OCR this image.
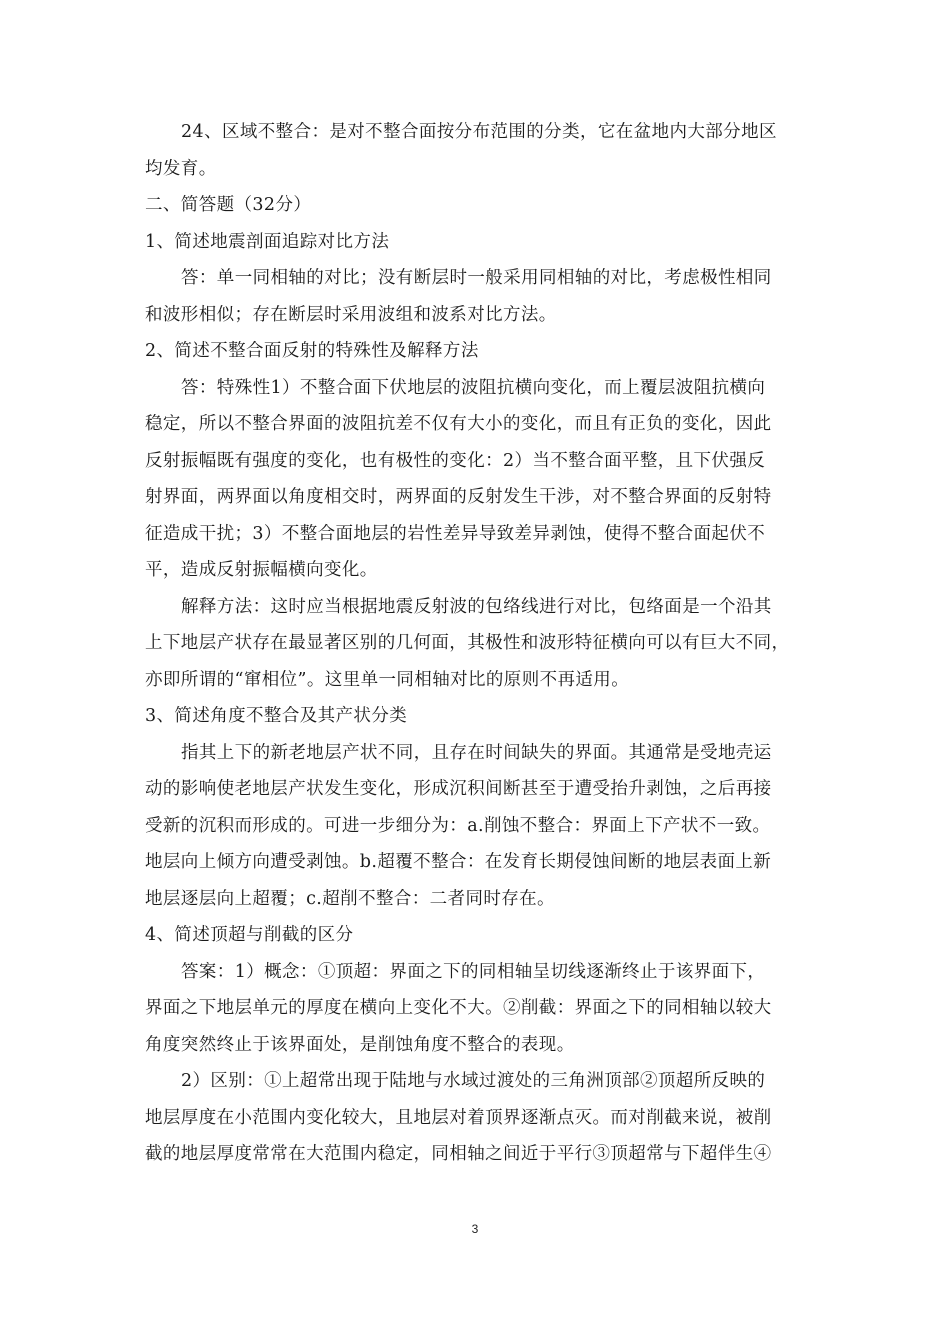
24、区域不整合：是对不整合面按分布范围的分类，它在盆地内大部分地区
均发育。
二、简答题（32分）
1、简述地震剖面追踪对比方法
答：单一同相轴的对比；没有断层时一般采用同相轴的对比，考虑极性相同
和波形相似；存在断层时采用波组和波系对比方法。
2、简述不整合面反射的特殊性及解释方法
答：特殊性1）不整合面下伏地层的波阻抗横向变化，而上覆层波阻抗横向
稳定，所以不整合界面的波阻抗差不仅有大小的变化，而且有正负的变化，因此
反射振幅既有强度的变化，也有极性的变化：2）当不整合面平整，且下伏强反
射界面，两界面以角度相交时，两界面的反射发生干涉，对不整合界面的反射特
征造成干扰；3）不整合面地层的岩性差异导致差异剥蚀，使得不整合面起伏不
平，造成反射振幅横向变化。
解释方法：这时应当根据地震反射波的包络线进行对比，包络面是一个沿其
上下地层产状存在最显著区别的几何面，其极性和波形特征横向可以有巨大不同，
亦即所谓的“窜相位”。这里单一同相轴对比的原则不再适用。
3、简述角度不整合及其产状分类
指其上下的新老地层产状不同，且存在时间缺失的界面。其通常是受地壳运
动的影响使老地层产状发生变化，形成沉积间断甚至于遭受抬升剥蚀，之后再接
受新的沉积而形成的。可进一步细分为：a.削蚀不整合：界面上下产状不一致。
地层向上倾方向遭受剥蚀。b.超覆不整合：在发育长期侵蚀间断的地层表面上新
地层逐层向上超覆；c.超削不整合：二者同时存在。
4、简述顶超与削截的区分
答案：1）概念：①顶超：界面之下的同相轴呈切线逐渐终止于该界面下，
界面之下地层单元的厚度在横向上变化不大。②削截：界面之下的同相轴以较大
角度突然终止于该界面处，是削蚀角度不整合的表现。
2）区别：①上超常出现于陆地与水域过渡处的三角洲顶部②顶超所反映的
地层厚度在小范围内变化较大，且地层对着顶界逐渐点灭。而对削截来说，被削
截的地层厚度常常在大范围内稳定，同相轴之间近于平行③顶超常与下超伴生④
3
